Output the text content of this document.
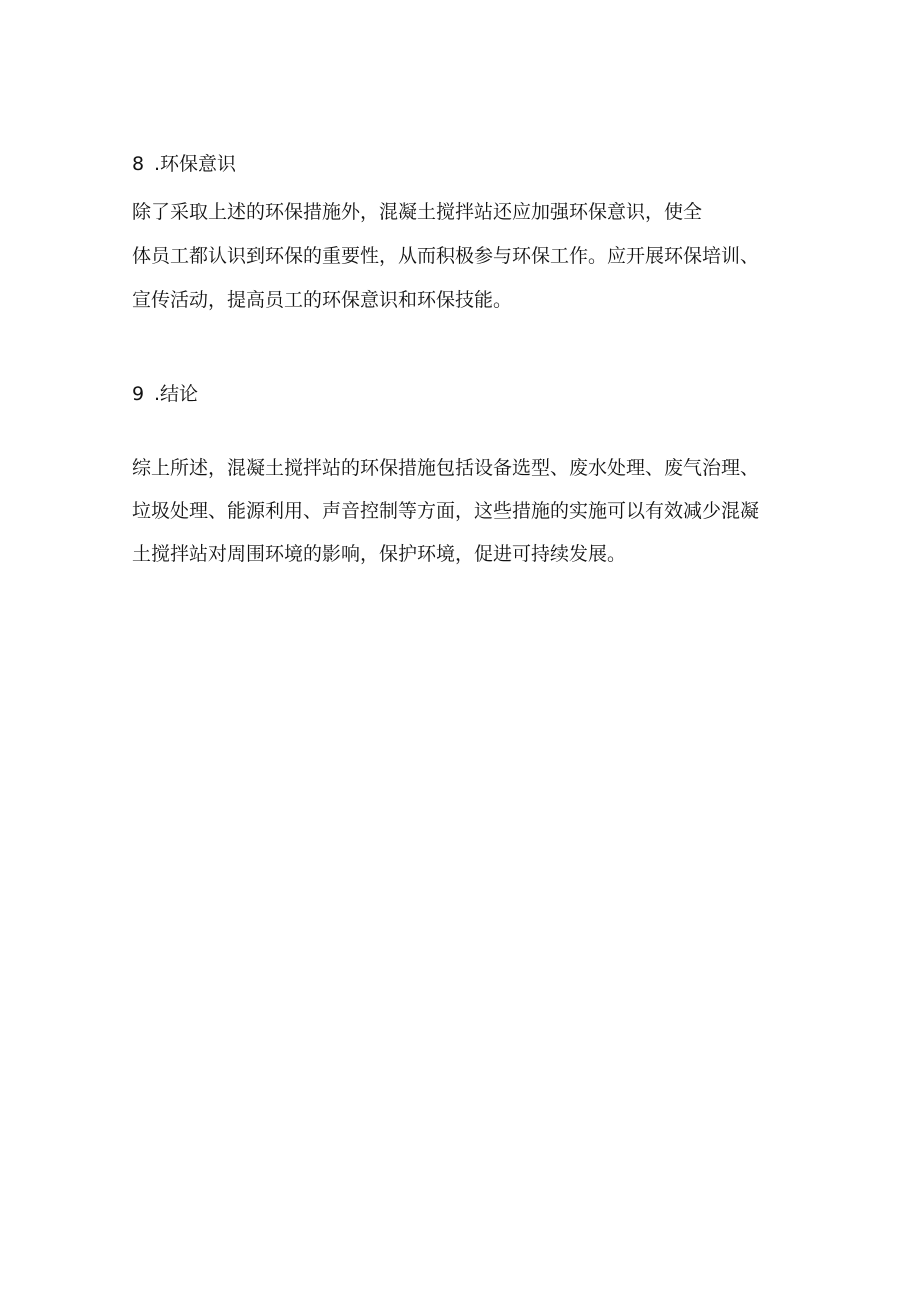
8 .环保意识
除了采取上述的环保措施外，混凝土搅拌站还应加强环保意识，使全
体员工都认识到环保的重要性，从而积极参与环保工作。应开展环保培训、
宣传活动，提高员工的环保意识和环保技能。
9 .结论
综上所述，混凝土搅拌站的环保措施包括设备选型、废水处理、废气治理、
垃圾处理、能源利用、声音控制等方面，这些措施的实施可以有效减少混凝
土搅拌站对周围环境的影响，保护环境，促进可持续发展。
